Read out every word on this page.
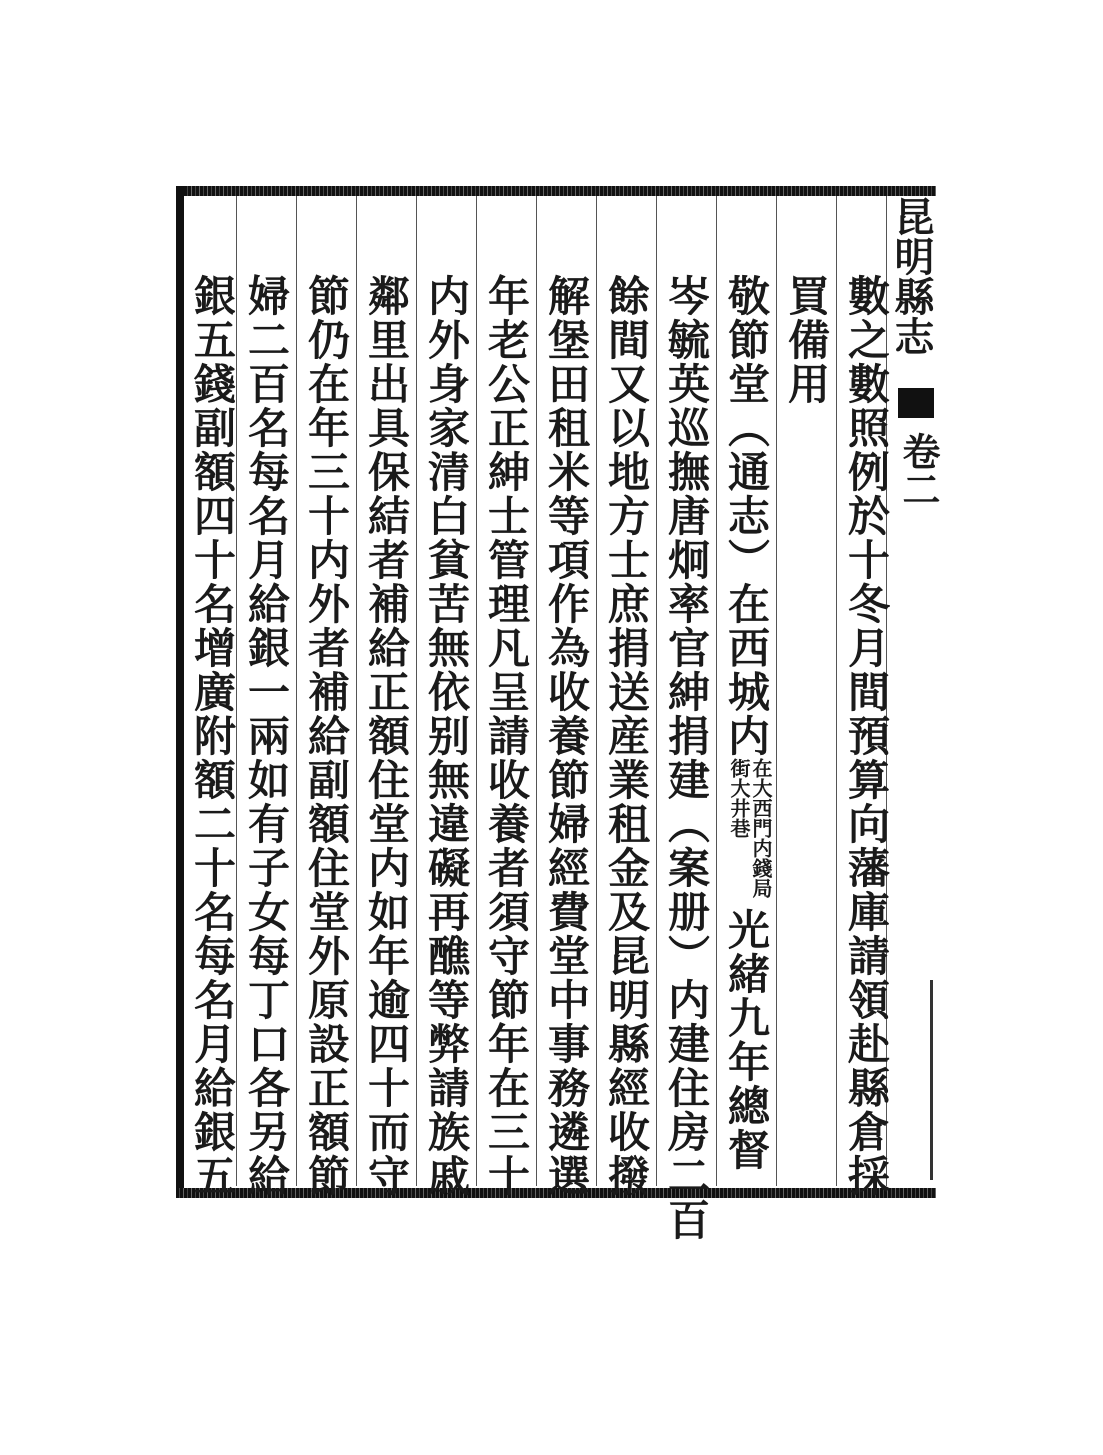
數之數照例於十冬月間預算向藩庫請領赴縣倉採
買備用
敬節堂（通志）在西城内在大西門内錢局街大井巷光緒九年總督
岑毓英巡撫唐炯率官紳捐建（案册）内建住房二百
餘間又以地方士庶捐送産業租金及昆明縣經收撥
解堡田租米等項作為收養節婦經費堂中事務遴選
年老公正紳士管理凡呈請收養者須守節年在三十
内外身家清白貧苦無依别無違礙再醮等弊請族戚
鄰里出具保結者補給正額住堂内如年逾四十而守
節仍在年三十内外者補給副額住堂外原設正額節
婦二百名每名月給銀一兩如有子女每丁口各另給
銀五錢副額四十名增廣附額二十名每名月給銀五	昆明縣志
卷二
